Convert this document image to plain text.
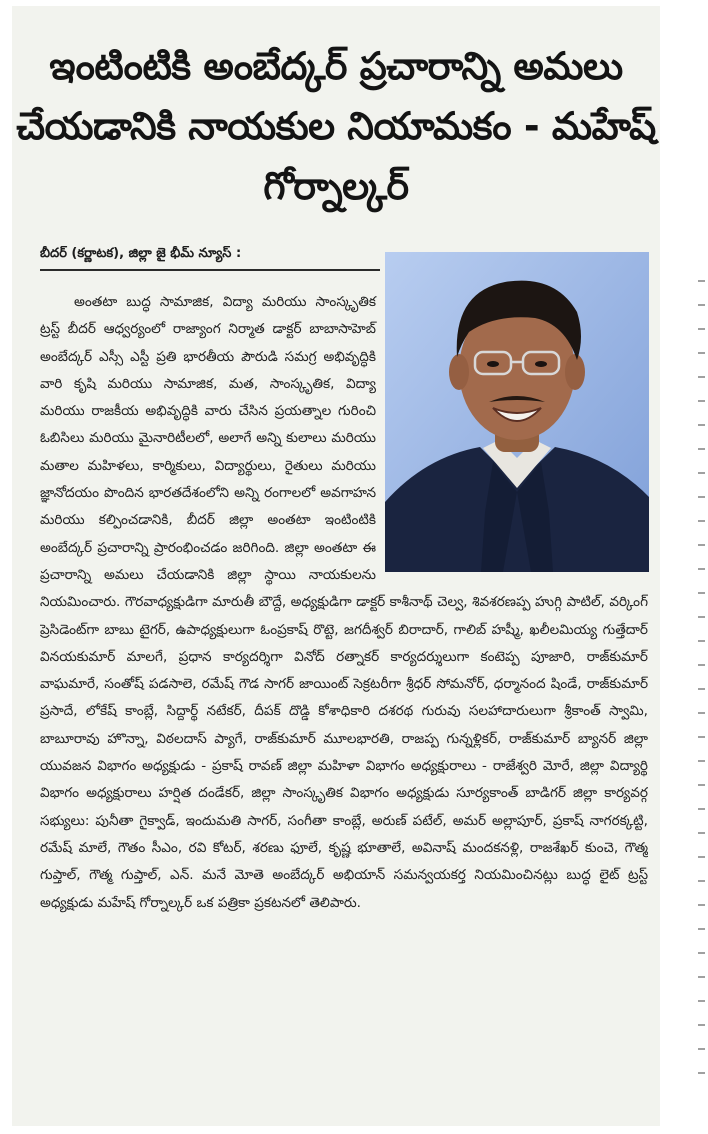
ఇంటింటికి అంబేద్కర్ ప్రచారాన్ని అమలు చేయడానికి నాయకుల నియామకం - మహేష్ గోర్నాల్కర్
బీదర్ (కర్ణాటక), జిల్లా జై భీమ్ న్యూస్ :

అంతటా బుద్ధ సామాజిక, విద్యా మరియు సాంస్కృతిక ట్రస్ట్ బీదర్ ఆధ్వర్యంలో రాజ్యాంగ నిర్మాత డాక్టర్ బాబాసాహెబ్ అంబేద్కర్ ఎస్సీ ఎస్టీ ప్రతి భారతీయ పౌరుడి సమగ్ర అభివృద్ధికి వారి కృషి మరియు సామాజిక, మత, సాంస్కృతిక, విద్యా మరియు రాజకీయ అభివృద్ధికి వారు చేసిన ప్రయత్నాల గురించి ఓబిసిలు మరియు మైనారిటీలలో, అలాగే అన్ని కులాలు మరియు మతాల మహిళలు, కార్మికులు, విద్యార్థులు, రైతులు మరియు జ్ఞానోదయం పొందిన భారతదేశంలోని అన్ని రంగాలలో అవగాహన మరియు కల్పించడానికి, బీదర్ జిల్లా అంతటా ఇంటింటికి అంబేద్కర్ ప్రచారాన్ని ప్రారంభించడం జరిగింది. జిల్లా అంతటా ఈ ప్రచారాన్ని అమలు చేయడానికి జిల్లా స్థాయి నాయకులను నియమించారు. గౌరవాధ్యక్షుడిగా మారుతీ బౌద్దే, అధ్యక్షుడిగా డాక్టర్ కాశీనాథ్ చెల్వ, శివశరణప్ప హుగ్గి పాటిల్, వర్కింగ్ ప్రెసిడెంట్‌గా బాబు టైగర్, ఉపాధ్యక్షులుగా ఓంప్రకాష్ రొట్టె, జగదీశ్వర్ బిరాదార్, గాలిబ్ హష్మీ, ఖలీలమియ్య గుత్తేదార్ వినయకుమార్ మాలగే, ప్రధాన కార్యదర్శిగా వినోద్ రత్నాకర్ కార్యదర్శులుగా కంటెప్ప పూజారి, రాజ్‌కుమార్ వాఘమారే, సంతోష్ పడసాలె, రమేష్ గౌడ సాగర్ జాయింట్ సెక్రటరీగా శ్రీధర్ సోమనోర్, ధర్మానంద షిండే, రాజ్‌కుమార్ ప్రసాదే, లోకేష్ కాంబ్లే, సిద్దార్థ్ నటేకర్, దీపక్ దొడ్డి కోశాధికారి దశరథ గురువు సలహాదారులుగా శ్రీకాంత్ స్వామి, బాబూరావు హొన్నా, విఠలదాస్ ప్యాగే, రాజ్‌కుమార్ మూలభారతి, రాజప్ప గున్నళ్లికర్, రాజ్‌కుమార్ బ్యానర్ జిల్లా యువజన విభాగం అధ్యక్షుడు - ప్రకాష్ రావణ్ జిల్లా మహిళా విభాగం అధ్యక్షురాలు - రాజేశ్వరి మోరే, జిల్లా విద్యార్థి విభాగం అధ్యక్షురాలు హర్షిత దండేకర్, జిల్లా సాంస్కృతిక విభాగం అధ్యక్షుడు సూర్యకాంత్ బాడిగర్ జిల్లా కార్యవర్గ సభ్యులు: పునీతా గైక్వాడ్, ఇందుమతి సాగర్, సంగీతా కాంబ్లే, అరుణ్ పటేల్, అమర్ అల్లాపూర్, ప్రకాష్ నాగరక్కట్టి, రమేష్ మాలే, గౌతం సీఎం, రవి కోటర్, శరణు ఫూలే, కృష్ణ భూతాలే, అవినాష్ మందకనళ్లి, రాజశేఖర్ కుంచె, గౌత్మ గుప్తాల్, గౌత్మ గుప్తాల్, ఎన్. మనే మోతె అంబేద్కర్ అభియాన్ సమన్వయకర్త నియమించినట్లు బుద్ధ లైట్ ట్రస్ట్ అధ్యక్షుడు మహేష్ గోర్నాల్కర్ ఒక పత్రికా ప్రకటనలో తెలిపారు.
